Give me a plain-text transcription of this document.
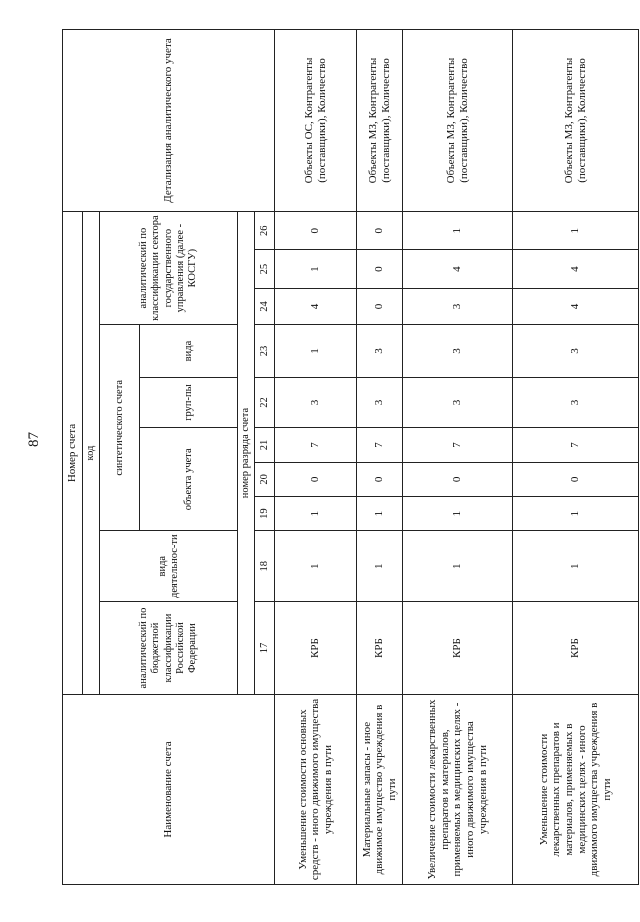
87
Наименование счета	Номер счета										Детализация аналитического учета
	код										
	аналитический по бюджетной классификации Российской Федерации	вида деятельнос-ти	синтетического счета					аналитический по классификации сектора государственного управления (далее - КОСГУ)			
			объекта учета			груп-пы	вида				
	номер разряда счета										
	17	18	19	20	21	22	23	24	25	26	
Уменьшение стоимости основных средств - иного движимого имущества учреждения в пути	КРБ	1	1	0	7	3	1	4	1	0	Объекты ОС, Контрагенты (поставщики), Количество
Материальные запасы - иное движимое имущество учреждения в пути	КРБ	1	1	0	7	3	3	0	0	0	Объекты МЗ, Контрагенты (поставщики), Количество
Увеличение стоимости лекарственных препаратов и материалов, применяемых в медицинских целях - иного движимого имущества учреждения в пути	КРБ	1	1	0	7	3	3	3	4	1	Объекты МЗ, Контрагенты (поставщики), Количество
Уменьшение стоимости лекарственных препаратов и материалов, применяемых в медицинских целях - иного движимого имущества учреждения в пути	КРБ	1	1	0	7	3	3	4	4	1	Объекты МЗ, Контрагенты (поставщики), Количество
